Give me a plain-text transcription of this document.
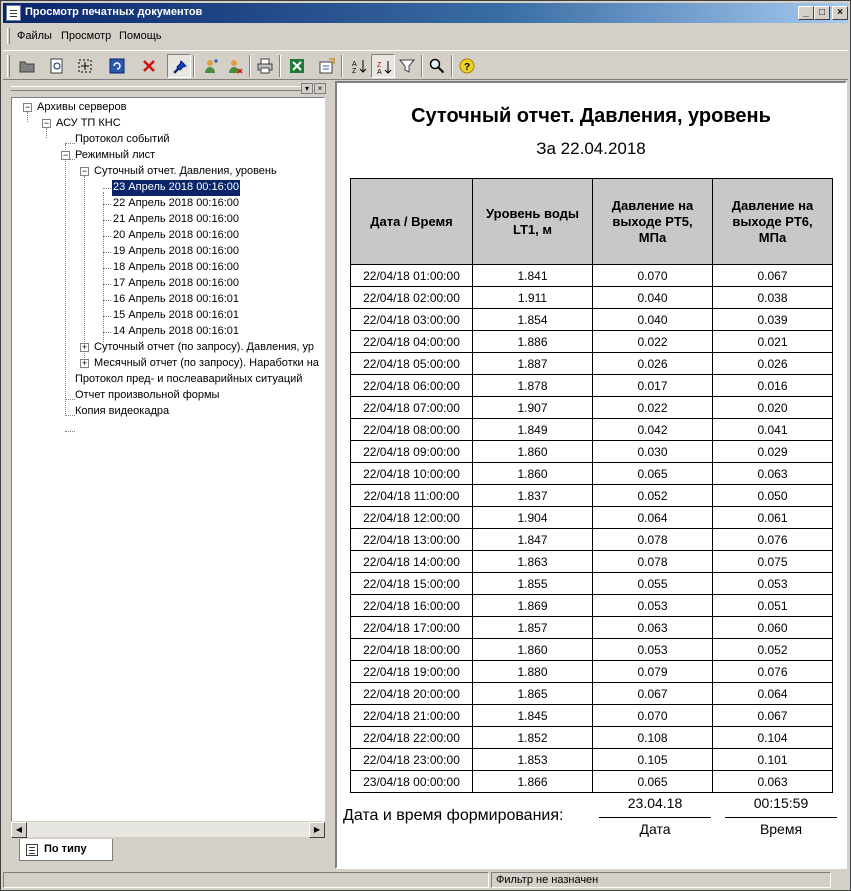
Просмотр печатных документов	_	□	×
Файлы Просмотр Помощь
A
Z
Z
A	?
▾	×
− Архивы серверов
− АСУ ТП КНС
Протокол событий
− Режимный лист
− Суточный отчет. Давления, уровень
23 Апрель 2018 00:16:00
22 Апрель 2018 00:16:00
21 Апрель 2018 00:16:00
20 Апрель 2018 00:16:00
19 Апрель 2018 00:16:00
18 Апрель 2018 00:16:00
17 Апрель 2018 00:16:00
16 Апрель 2018 00:16:01
15 Апрель 2018 00:16:01
14 Апрель 2018 00:16:01
+ Суточный отчет (по запросу). Давления, ур
+ Месячный отчет (по запросу). Наработки на
Протокол пред- и послеаварийных ситуаций
Отчет произвольной формы
Копия видеокадра
◀	▶
По типу
Суточный отчет. Давления, уровень
За 22.04.2018
Дата / Время	Уровень воды LT1, м	Давление на выходе PT5, МПа	Давление на выходе PT6, МПа
22/04/18 01:00:00	1.841	0.070	0.067
22/04/18 02:00:00	1.911	0.040	0.038
22/04/18 03:00:00	1.854	0.040	0.039
22/04/18 04:00:00	1.886	0.022	0.021
22/04/18 05:00:00	1.887	0.026	0.026
22/04/18 06:00:00	1.878	0.017	0.016
22/04/18 07:00:00	1.907	0.022	0.020
22/04/18 08:00:00	1.849	0.042	0.041
22/04/18 09:00:00	1.860	0.030	0.029
22/04/18 10:00:00	1.860	0.065	0.063
22/04/18 11:00:00	1.837	0.052	0.050
22/04/18 12:00:00	1.904	0.064	0.061
22/04/18 13:00:00	1.847	0.078	0.076
22/04/18 14:00:00	1.863	0.078	0.075
22/04/18 15:00:00	1.855	0.055	0.053
22/04/18 16:00:00	1.869	0.053	0.051
22/04/18 17:00:00	1.857	0.063	0.060
22/04/18 18:00:00	1.860	0.053	0.052
22/04/18 19:00:00	1.880	0.079	0.076
22/04/18 20:00:00	1.865	0.067	0.064
22/04/18 21:00:00	1.845	0.070	0.067
22/04/18 22:00:00	1.852	0.108	0.104
22/04/18 23:00:00	1.853	0.105	0.101
23/04/18 00:00:00	1.866	0.065	0.063
Дата и время формирования:
23.04.18
Дата
00:15:59
Время
Фильтр не назначен
